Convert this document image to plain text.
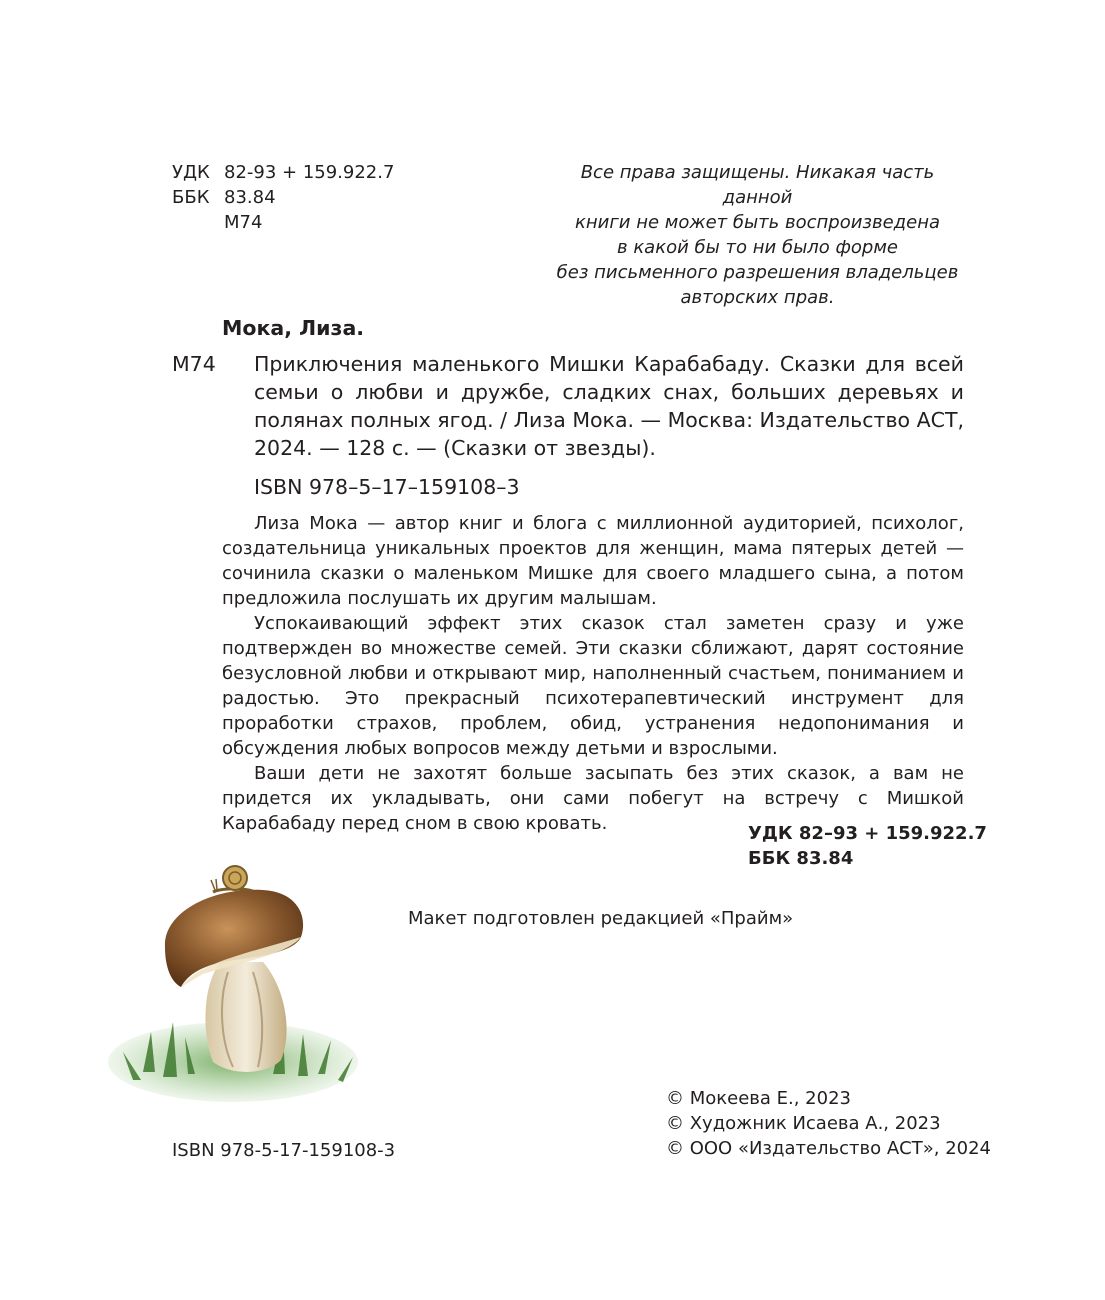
УДК 82-93 + 159.922.7
ББК 83.84
М74
Все права защищены. Никакая часть данной
книги не может быть воспроизведена
в какой бы то ни было форме
без письменного разрешения владельцев
авторских прав.
Мока, Лиза.
М74 Приключения маленького Мишки Карабабаду. Сказки для всей семьи о любви и дружбе, сладких снах, больших деревьях и полянах полных ягод. / Лиза Мока. — Москва: Издательство АСТ, 2024. — 128 с. — (Сказки от звезды).
ISBN 978–5–17–159108–3

Лиза Мока — автор книг и блога с миллионной аудиторией, психолог, создательница уникальных проектов для женщин, мама пятерых детей — сочинила сказки о маленьком Мишке для своего младшего сына, а потом предложила послушать их другим малышам.

Успокаивающий эффект этих сказок стал заметен сразу и уже подтвержден во множестве семей. Эти сказки сближают, дарят состояние безусловной любви и открывают мир, наполненный счастьем, пониманием и радостью. Это прекрасный психотерапевтический инструмент для проработки страхов, проблем, обид, устранения недопонимания и обсуждения любых вопросов между детьми и взрослыми.

Ваши дети не захотят больше засыпать без этих сказок, а вам не придется их укладывать, они сами побегут на встречу с Мишкой Карабабаду перед сном в свою кровать.	УДК 82–93 + 159.922.7
ББК 83.84
Макет подготовлен редакцией «Прайм»
© Мокеева Е., 2023
© Художник Исаева А., 2023
© ООО «Издательство АСТ», 2024
ISBN 978-5-17-159108-3
